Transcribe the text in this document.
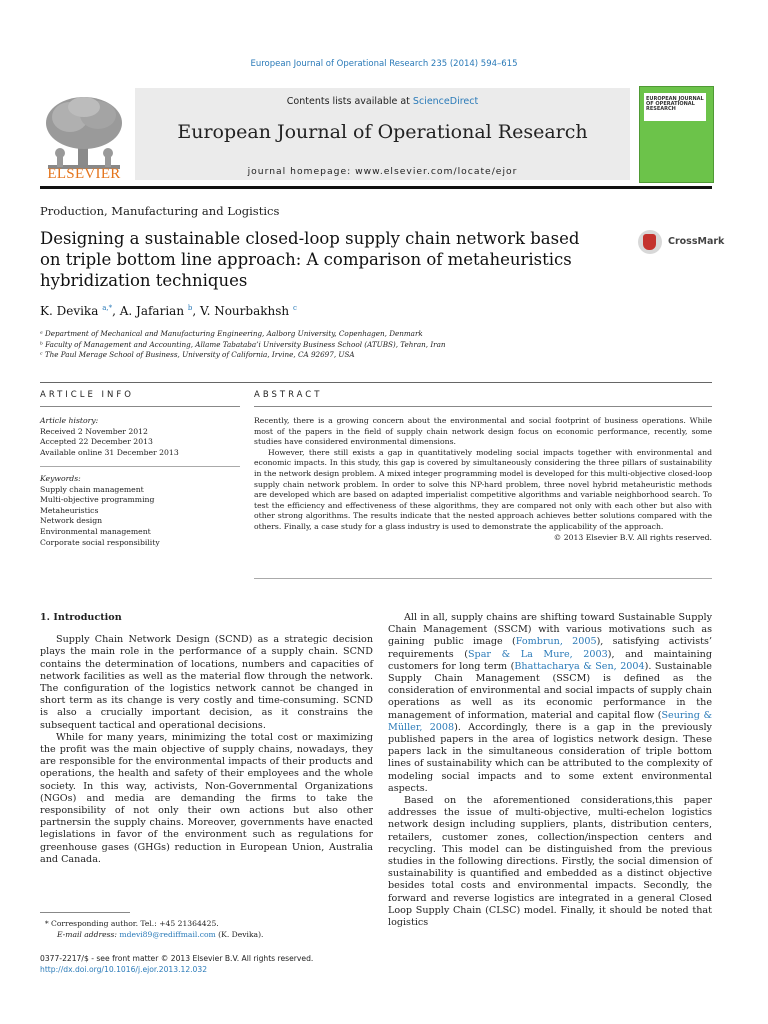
European Journal of Operational Research 235 (2014) 594–615
ELSEVIER
Contents lists available at ScienceDirect
European Journal of Operational Research
journal homepage: www.elsevier.com/locate/ejor
EUROPEAN JOURNAL OF OPERATIONAL RESEARCH
Production, Manufacturing and Logistics
Designing a sustainable closed-loop supply chain network based on triple bottom line approach: A comparison of metaheuristics hybridization techniques
CrossMark
K. Devika $^{a,*}$, A. Jafarian $^b$, V. Nourbakhsh $^c$
ᵃ Department of Mechanical and Manufacturing Engineering, Aalborg University, Copenhagen, Denmark
ᵇ Faculty of Management and Accounting, Allame Tabataba’i University Business School (ATUBS), Tehran, Iran
ᶜ The Paul Merage School of Business, University of California, Irvine, CA 92697, USA
ARTICLE INFO	ABSTRACT
Article history:
Received 2 November 2012
Accepted 22 December 2013
Available online 31 December 2013
Keywords:
Supply chain management
Multi-objective programming
Metaheuristics
Network design
Environmental management
Corporate social responsibility

Recently, there is a growing concern about the environmental and social footprint of business operations. While most of the papers in the field of supply chain network design focus on economic performance, recently, some studies have considered environmental dimensions.

However, there still exists a gap in quantitatively modeling social impacts together with environmental and economic impacts. In this study, this gap is covered by simultaneously considering the three pillars of sustainability in the network design problem. A mixed integer programming model is developed for this multi-objective closed-loop supply chain network problem. In order to solve this NP-hard problem, three novel hybrid metaheuristic methods are developed which are based on adapted imperialist competitive algorithms and variable neighborhood search. To test the efficiency and effectiveness of these algorithms, they are compared not only with each other but also with other strong algorithms. The results indicate that the nested approach achieves better solutions compared with the others. Finally, a case study for a glass industry is used to demonstrate the applicability of the approach.

© 2013 Elsevier B.V. All rights reserved.

1. Introduction

Supply Chain Network Design (SCND) as a strategic decision plays the main role in the performance of a supply chain. SCND contains the determination of locations, numbers and capacities of network facilities as well as the material flow through the network. The configuration of the logistics network cannot be changed in short term as its change is very costly and time-consuming. SCND is also a crucially important decision, as it constrains the subsequent tactical and operational decisions.

While for many years, minimizing the total cost or maximizing the profit was the main objective of supply chains, nowadays, they are responsible for the environmental impacts of their products and operations, the health and safety of their employees and the whole society. In this way, activists, Non-Governmental Organizations (NGOs) and media are demanding the firms to take the responsibility of not only their own actions but also other partnersin the supply chains. Moreover, governments have enacted legislations in favor of the environment such as regulations for greenhouse gases (GHGs) reduction in European Union, Australia and Canada.

All in all, supply chains are shifting toward Sustainable Supply Chain Management (SSCM) with various motivations such as gaining public image (Fombrun, 2005), satisfying activists’ requirements (Spar & La Mure, 2003), and maintaining customers for long term (Bhattacharya & Sen, 2004). Sustainable Supply Chain Management (SSCM) is defined as the consideration of environmental and social impacts of supply chain operations as well as its economic performance in the management of information, material and capital flow (Seuring & Müller, 2008). Accordingly, there is a gap in the previously published papers in the area of logistics network design. These papers lack in the simultaneous consideration of triple bottom lines of sustainability which can be attributed to the complexity of modeling social impacts and to some extent environmental aspects.

Based on the aforementioned considerations,this paper addresses the issue of multi-objective, multi-echelon logistics network design including suppliers, plants, distribution centers, retailers, customer zones, collection/inspection centers and recycling. This model can be distinguished from the previous studies in the following directions. Firstly, the social dimension of sustainability is quantified and embedded as a distinct objective besides total costs and environmental impacts. Secondly, the forward and reverse logistics are integrated in a general Closed Loop Supply Chain (CLSC) model. Finally, it should be noted that logistics

* Corresponding author. Tel.: +45 21364425.
E-mail address: mdevi89@rediffmail.com (K. Devika).
0377-2217/$ - see front matter © 2013 Elsevier B.V. All rights reserved.
http://dx.doi.org/10.1016/j.ejor.2013.12.032
